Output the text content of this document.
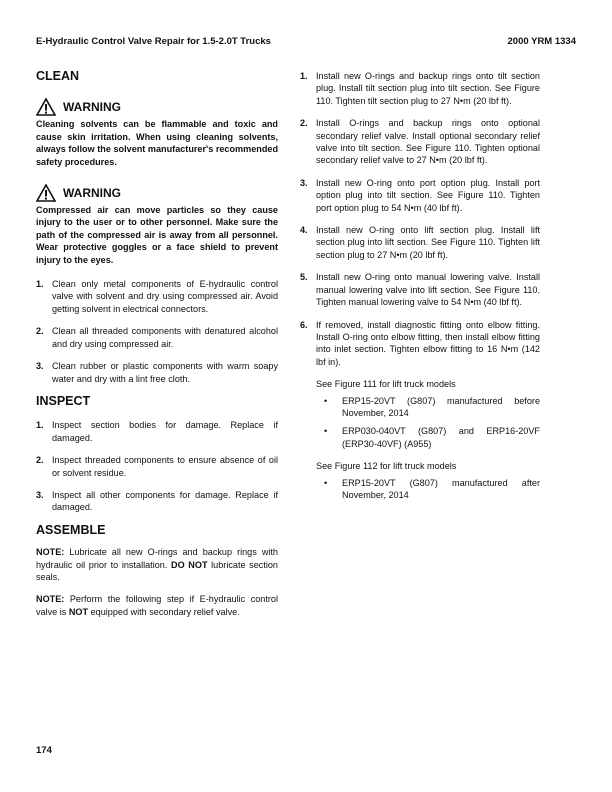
E-Hydraulic Control Valve Repair for 1.5-2.0T Trucks	2000 YRM 1334
CLEAN
WARNING

Cleaning solvents can be flammable and toxic and cause skin irritation. When using cleaning solvents, always follow the solvent manufacturer's recommended safety procedures.

WARNING

Compressed air can move particles so they cause injury to the user or to other personnel. Make sure the path of the compressed air is away from all personnel. Wear protective goggles or a face shield to prevent injury to the eyes.

1. Clean only metal components of E-hydraulic control valve with solvent and dry using compressed air. Avoid getting solvent in electrical connectors.
2. Clean all threaded components with denatured alcohol and dry using compressed air.
3. Clean rubber or plastic components with warm soapy water and dry with a lint free cloth.
INSPECT
1. Inspect section bodies for damage. Replace if damaged.
2. Inspect threaded components to ensure absence of oil or solvent residue.
3. Inspect all other components for damage. Replace if damaged.
ASSEMBLE

NOTE: Lubricate all new O-rings and backup rings with hydraulic oil prior to installation. DO NOT lubricate section seals.

NOTE: Perform the following step if E-hydraulic control valve is NOT equipped with secondary relief valve.

1. Install new O-rings and backup rings onto tilt section plug. Install tilt section plug into tilt section. See Figure 110. Tighten tilt section plug to 27 N•m (20 lbf ft).
2. Install O-rings and backup rings onto optional secondary relief valve. Install optional secondary relief valve into tilt section. See Figure 110. Tighten optional secondary relief valve to 27 N•m (20 lbf ft).
3. Install new O-ring onto port option plug. Install port option plug into tilt section. See Figure 110. Tighten port option plug to 54 N•m (40 lbf ft).
4. Install new O-ring onto lift section plug. Install lift section plug into lift section. See Figure 110. Tighten lift section plug to 27 N•m (20 lbf ft).
5. Install new O-ring onto manual lowering valve. Install manual lowering valve into lift section. See Figure 110. Tighten manual lowering valve to 54 N•m (40 lbf ft).
6. If removed, install diagnostic fitting onto elbow fitting. Install O-ring onto elbow fitting, then install elbow fitting into inlet section. Tighten elbow fitting to 16 N•m (142 lbf in).

See Figure 111 for lift truck models

•	ERP15-20VT (G807) manufactured before November, 2014
•	ERP030-040VT (G807) and ERP16-20VF (ERP30-40VF) (A955)

See Figure 112 for lift truck models

•	ERP15-20VT (G807) manufactured after November, 2014
174
